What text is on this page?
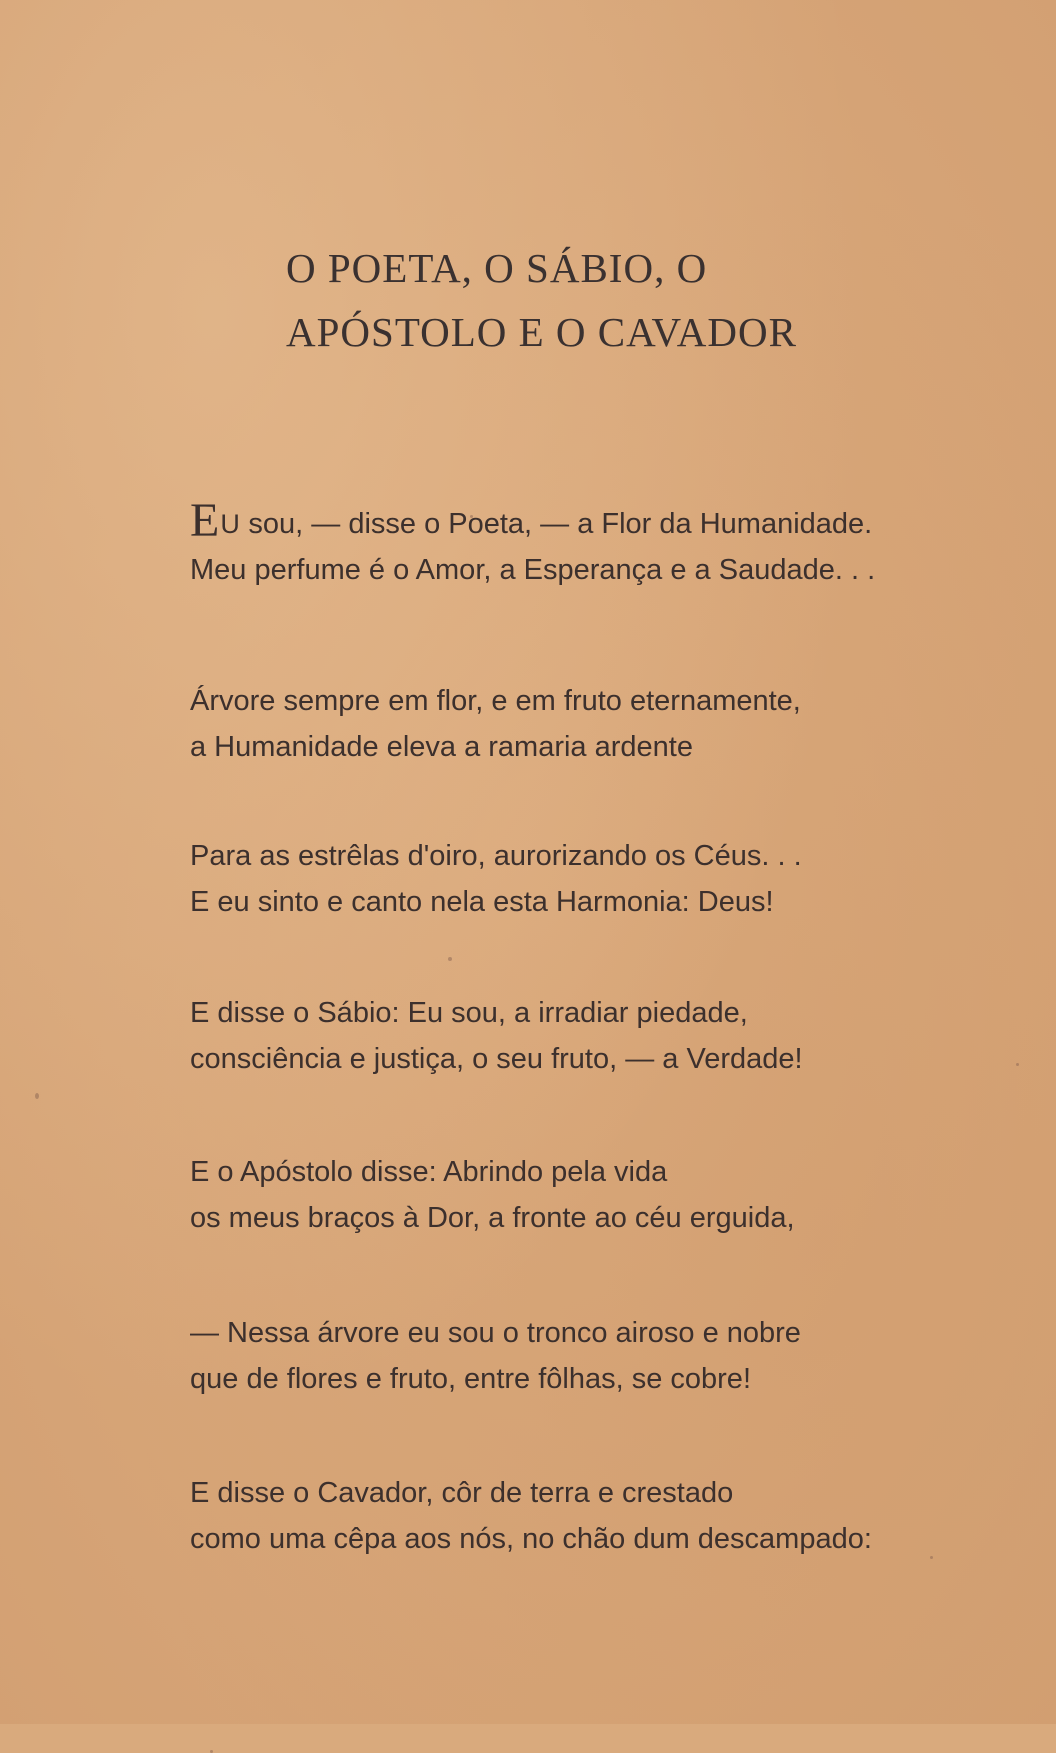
O POETA, O SÁBIO, O
APÓSTOLO E O CAVADOR

EU sou, — disse o Poeta, — a Flor da Humanidade.

Meu perfume é o Amor, a Esperança e a Saudade. . .

Árvore sempre em flor, e em fruto eternamente,

a Humanidade eleva a ramaria ardente

Para as estrêlas d'oiro, aurorizando os Céus. . .

E eu sinto e canto nela esta Harmonia: Deus!

E disse o Sábio: Eu sou, a irradiar piedade,

consciência e justiça, o seu fruto, — a Verdade!

E o Apóstolo disse: Abrindo pela vida

os meus braços à Dor, a fronte ao céu erguida,

— Nessa árvore eu sou o tronco airoso e nobre

que de flores e fruto, entre fôlhas, se cobre!

E disse o Cavador, côr de terra e crestado

como uma cêpa aos nós, no chão dum descampado:
